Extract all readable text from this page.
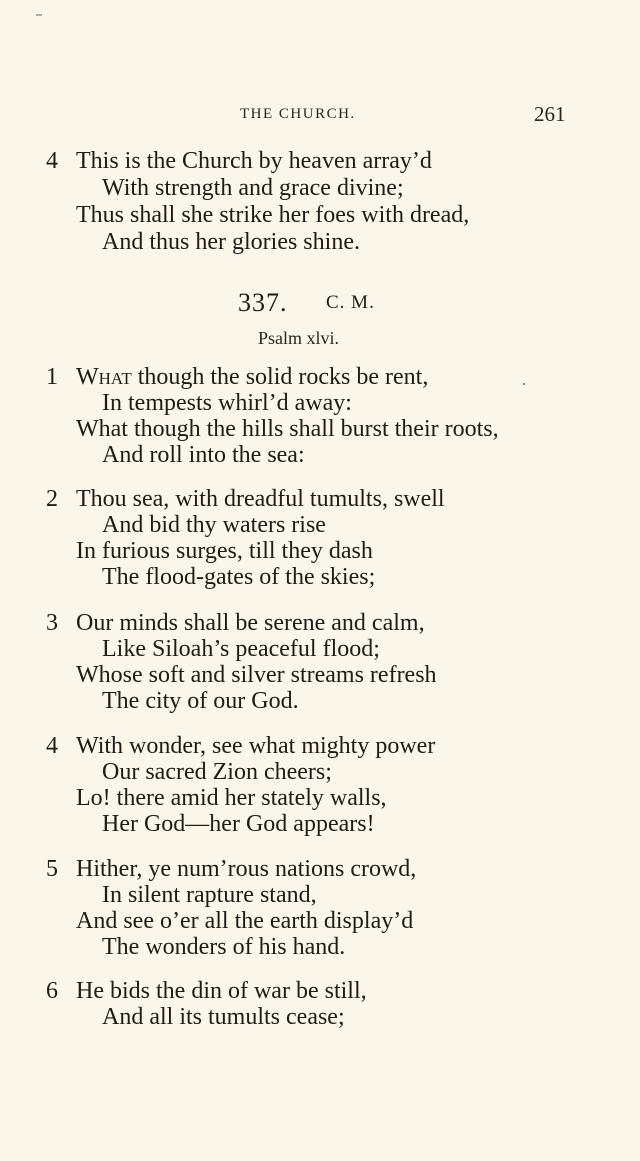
THE CHURCH.	261
4 This is the Church by heaven array’d
With strength and grace divine;
Thus shall she strike her foes with dread,
And thus her glories shine.
337. C. M.
Psalm xlvi.
1 What though the solid rocks be rent,
In tempests whirl’d away:
What though the hills shall burst their roots,
And roll into the sea:
2 Thou sea, with dreadful tumults, swell
And bid thy waters rise
In furious surges, till they dash
The flood-gates of the skies;
3 Our minds shall be serene and calm,
Like Siloah’s peaceful flood;
Whose soft and silver streams refresh
The city of our God.
4 With wonder, see what mighty power
Our sacred Zion cheers;
Lo! there amid her stately walls,
Her God—her God appears!
5 Hither, ye num’rous nations crowd,
In silent rapture stand,
And see o’er all the earth display’d
The wonders of his hand.
6 He bids the din of war be still,
And all its tumults cease;
